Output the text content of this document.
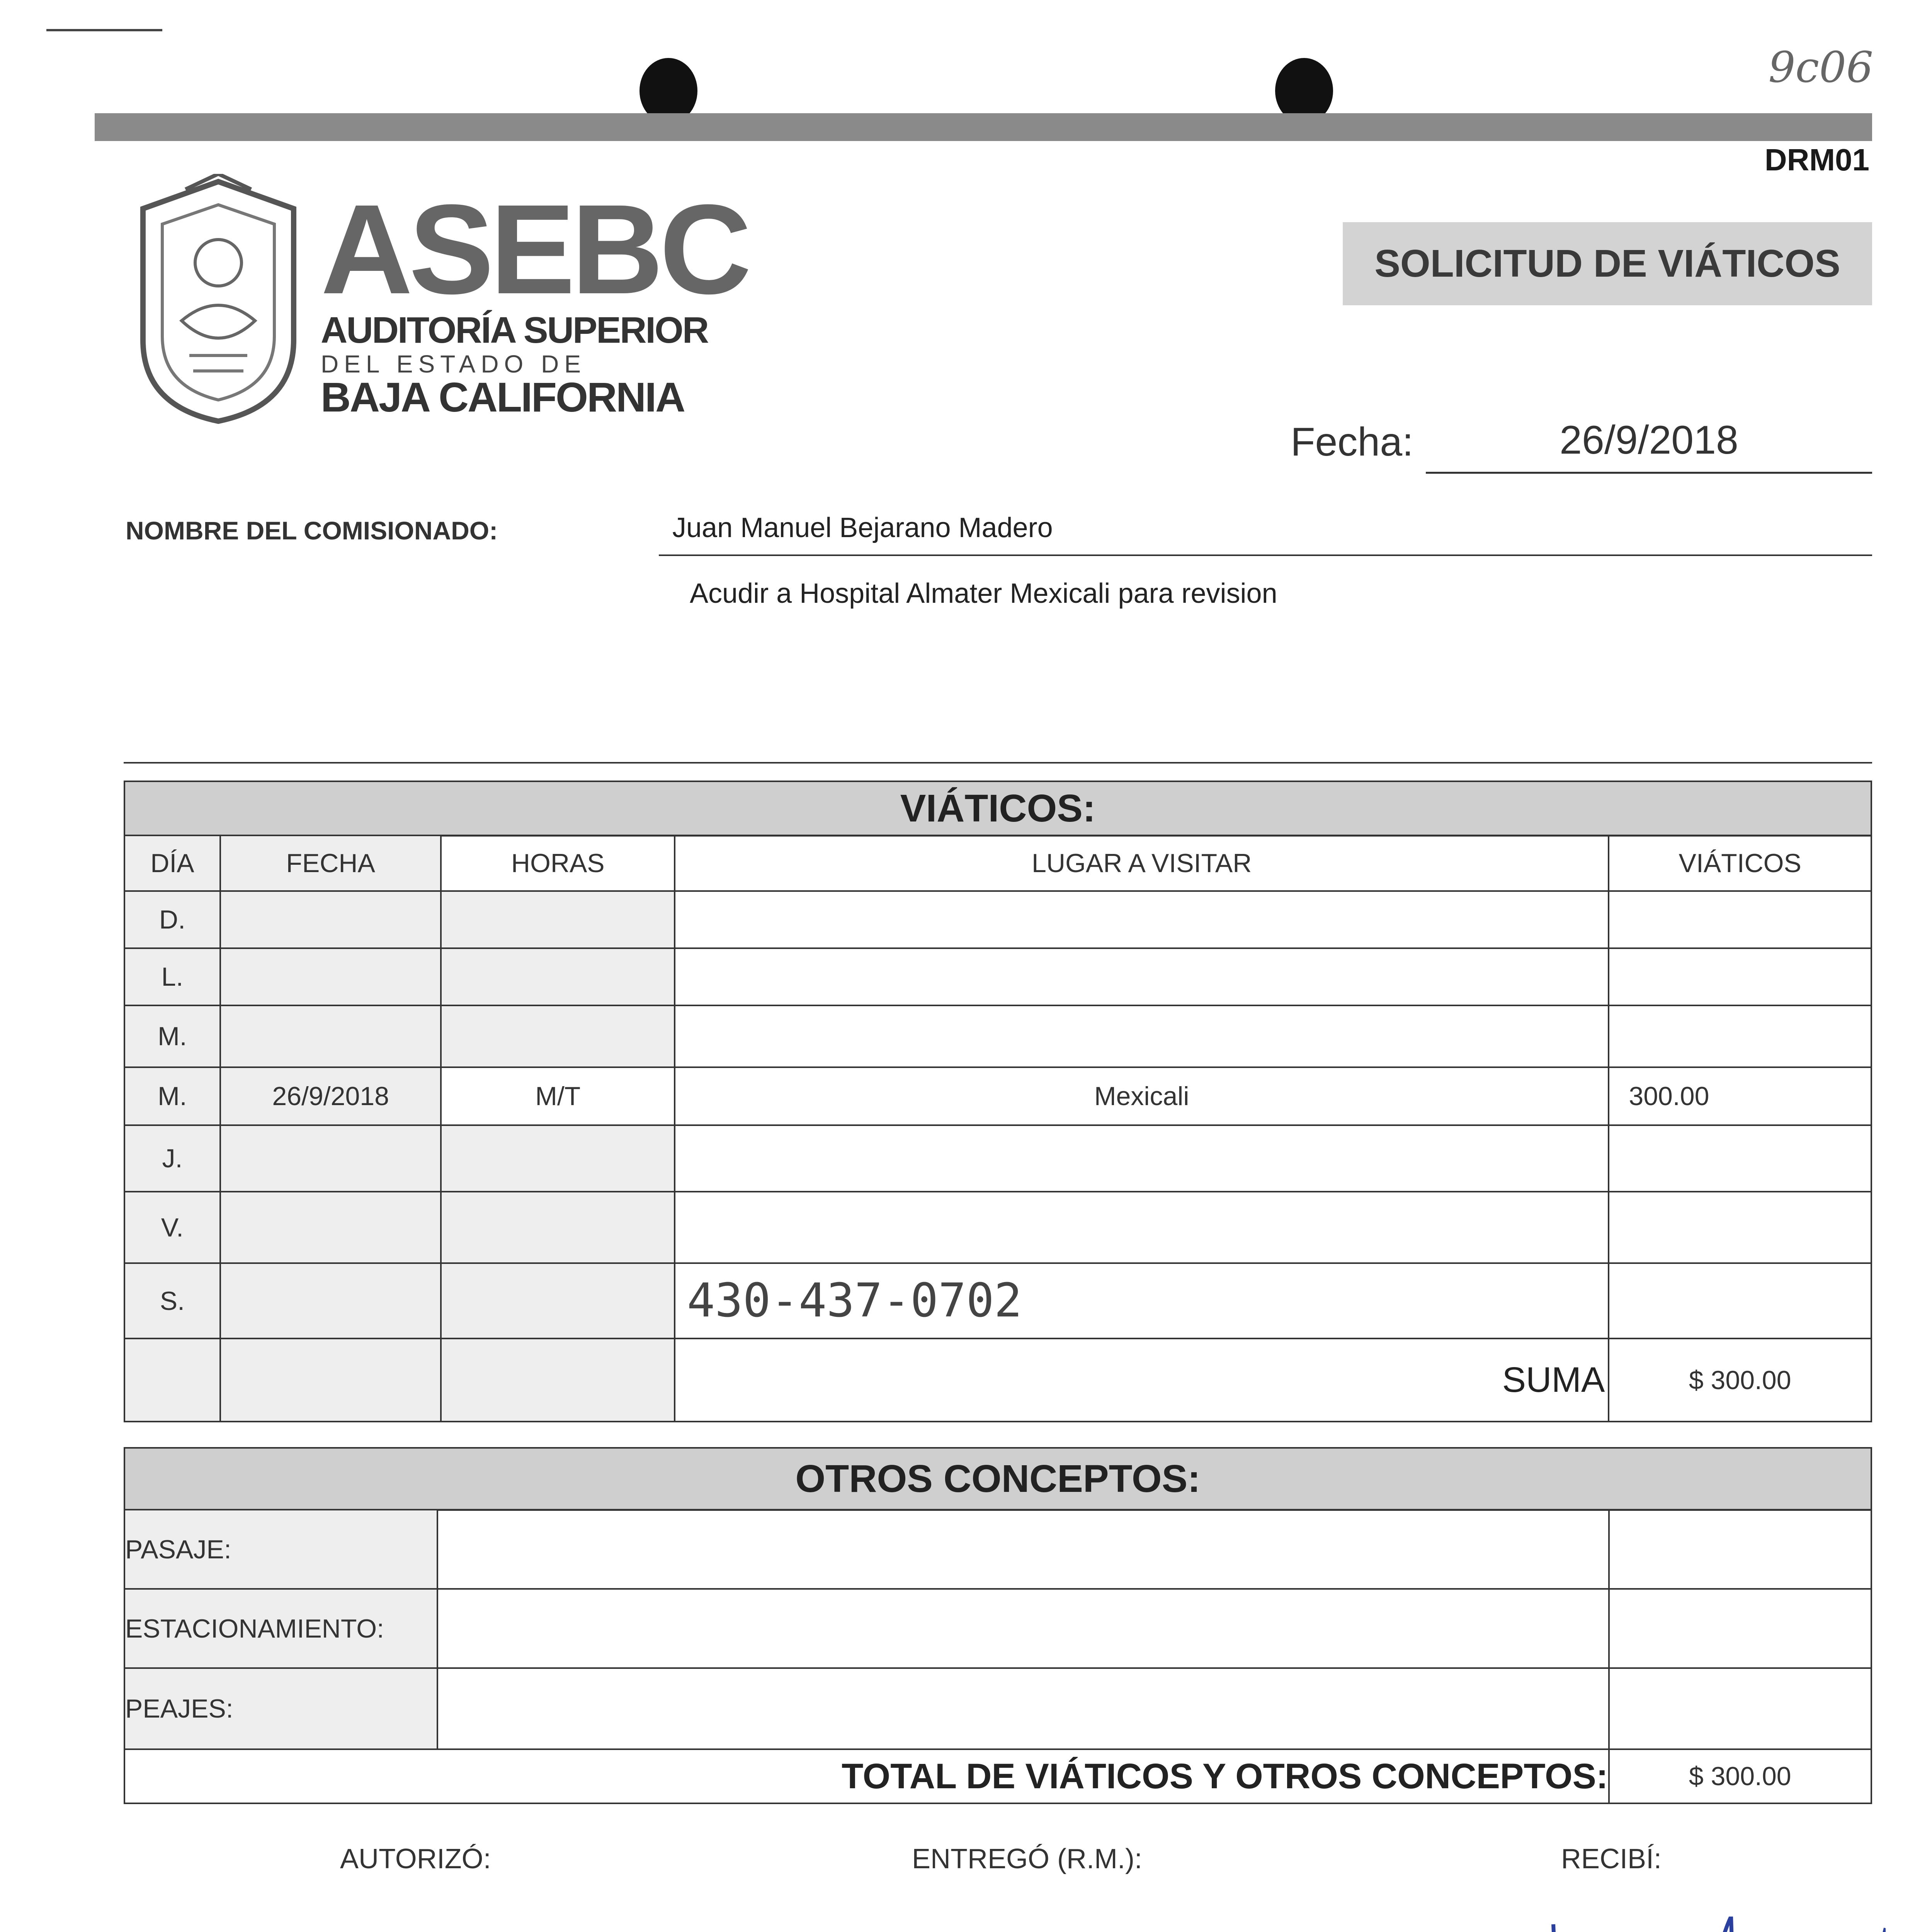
9c06
DRM01
ASEBC
AUDITORÍA SUPERIOR
DEL ESTADO DE
BAJA CALIFORNIA
SOLICITUD DE VIÁTICOS
Fecha:	26/9/2018
NOMBRE DEL COMISIONADO:	Juan Manuel Bejarano Madero
Acudir a Hospital Almater Mexicali para revision
VIÁTICOS:
DÍA	FECHA	HORAS	LUGAR A VISITAR	VIÁTICOS
D.				
L.				
M.				
M.	26/9/2018	M/T	Mexicali	300.00
J.				
V.				
S.			430-437-0702	
			SUMA	$ 300.00
OTROS CONCEPTOS:
PASAJE:		
ESTACIONAMIENTO:		
PEAJES:		
TOTAL DE VIÁTICOS Y OTROS CONCEPTOS:		$ 300.00
AUTORIZÓ:	ENTREGÓ (R.M.):	RECIBÍ:
